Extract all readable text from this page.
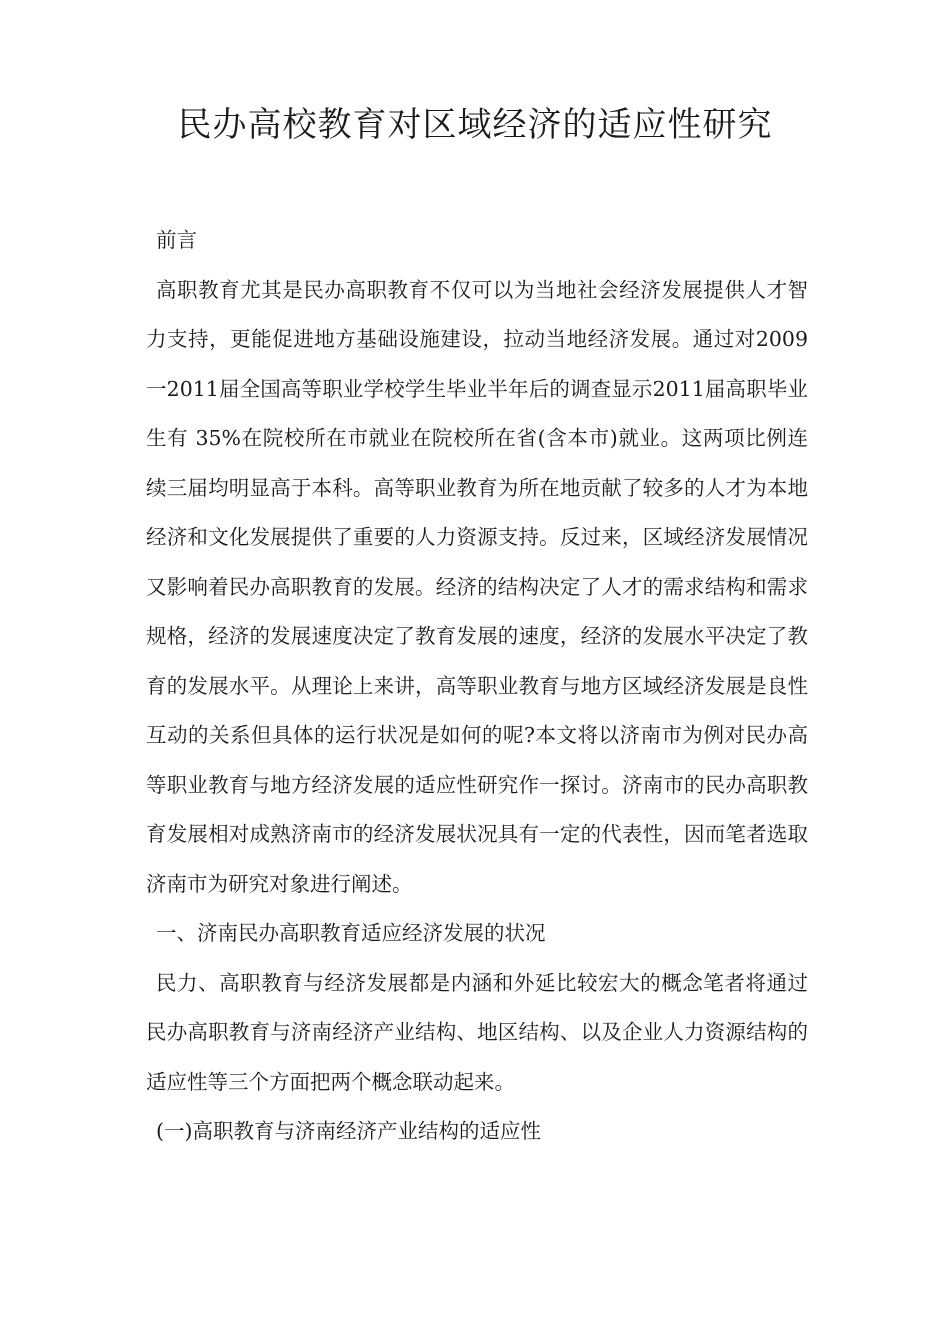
民办高校教育对区域经济的适应性研究

前言

高职教育尤其是民办高职教育不仅可以为当地社会经济发展提供人才智力支持，更能促进地方基础设施建设，拉动当地经济发展。通过对2009一2011届全国高等职业学校学生毕业半年后的调查显示2011届高职毕业生有 35%在院校所在市就业在院校所在省(含本市)就业。这两项比例连续三届均明显高于本科。高等职业教育为所在地贡献了较多的人才为本地经济和文化发展提供了重要的人力资源支持。反过来，区域经济发展情况又影响着民办高职教育的发展。经济的结构决定了人才的需求结构和需求规格，经济的发展速度决定了教育发展的速度，经济的发展水平决定了教育的发展水平。从理论上来讲，高等职业教育与地方区域经济发展是良性互动的关系但具体的运行状况是如何的呢?本文将以济南市为例对民办高等职业教育与地方经济发展的适应性研究作一探讨。济南市的民办高职教育发展相对成熟济南市的经济发展状况具有一定的代表性，因而笔者选取济南市为研究对象进行阐述。

一、济南民办高职教育适应经济发展的状况

民力、高职教育与经济发展都是内涵和外延比较宏大的概念笔者将通过民办高职教育与济南经济产业结构、地区结构、以及企业人力资源结构的适应性等三个方面把两个概念联动起来。

(一)高职教育与济南经济产业结构的适应性
